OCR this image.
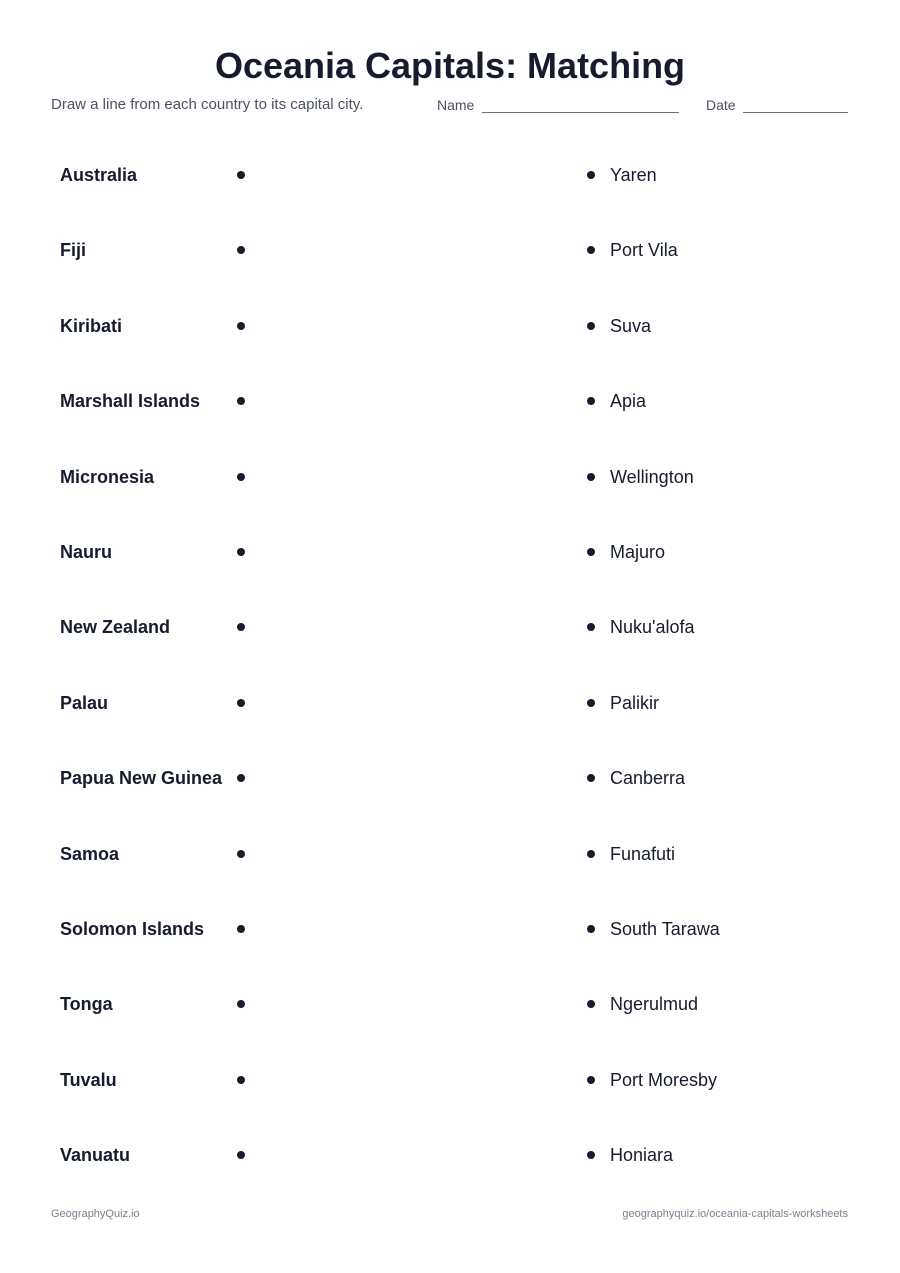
Oceania Capitals: Matching
Draw a line from each country to its capital city.	Name	Date
Australia	Yaren
Fiji	Port Vila
Kiribati	Suva
Marshall Islands	Apia
Micronesia	Wellington
Nauru	Majuro
New Zealand	Nuku'alofa
Palau	Palikir
Papua New Guinea	Canberra
Samoa	Funafuti
Solomon Islands	South Tarawa
Tonga	Ngerulmud
Tuvalu	Port Moresby
Vanuatu	Honiara
GeographyQuiz.io	geographyquiz.io/oceania-capitals-worksheets
